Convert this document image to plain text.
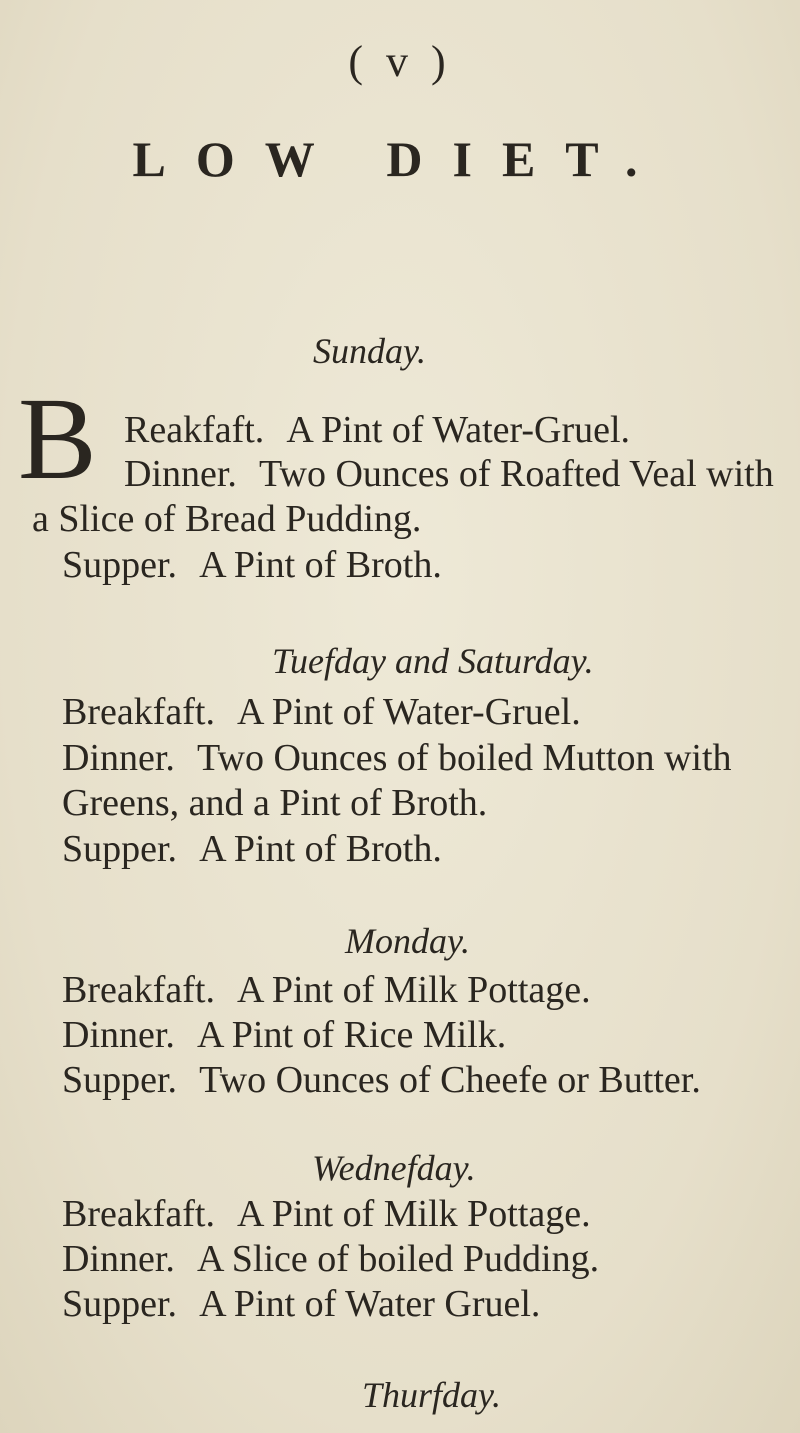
( v )
LOW DIET.
Sunday.
B Reakfaft. A Pint of Water-Gruel.
Dinner. Two Ounces of Roafted Veal with
a Slice of Bread Pudding.
Supper. A Pint of Broth.
Tuefday and Saturday.
Breakfaft. A Pint of Water-Gruel.
Dinner. Two Ounces of boiled Mutton with
Greens, and a Pint of Broth.
Supper. A Pint of Broth.
Monday.
Breakfaft. A Pint of Milk Pottage.
Dinner. A Pint of Rice Milk.
Supper. Two Ounces of Cheefe or Butter.
Wednefday.
Breakfaft. A Pint of Milk Pottage.
Dinner. A Slice of boiled Pudding.
Supper. A Pint of Water Gruel.
Thurfday.
